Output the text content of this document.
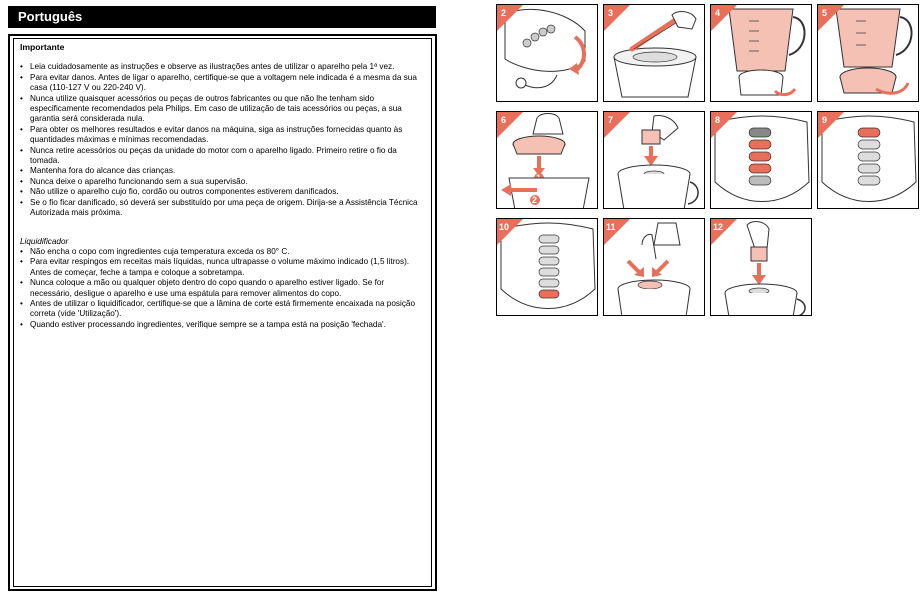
Português
Importante
• Leia cuidadosamente as instruções e observe as ilustrações antes de utilizar o aparelho pela 1ª vez.
• Para evitar danos. Antes de ligar o aparelho, certifique-se que a voltagem nele indicada é a mesma da sua casa (110-127 V ou 220-240 V).
• Nunca utilize quaisquer acessórios ou peças de outros fabricantes ou que não lhe tenham sido especificamente recomendados pela Philips. Em caso de utilização de tais acessórios ou peças, a sua garantia será considerada nula.
• Para obter os melhores resultados e evitar danos na máquina, siga as instruções fornecidas quanto às quantidades máximas e mínimas recomendadas.
• Nunca retire acessórios ou peças da unidade do motor com o aparelho ligado. Primeiro retire o fio da tomada.
• Mantenha fora do alcance das crianças.
• Nunca deixe o aparelho funcionando sem a sua supervisão.
• Não utilize o aparelho cujo fio, cordão ou outros componentes estiverem danificados.
• Se o fio ficar danificado, só deverá ser substituído por uma peça de origem. Dirija-se a Assistência Técnica Autorizada mais próxima.
Liquidificador
• Não encha o copo com ingredientes cuja temperatura exceda os 80° C.
• Para evitar respingos em receitas mais líquidas, nunca ultrapasse o volume máximo indicado (1,5 litros). Antes de começar, feche a tampa e coloque a sobretampa.
• Nunca coloque a mão ou qualquer objeto dentro do copo quando o aparelho estiver ligado. Se for necessário, desligue o aparelho e use uma espátula para remover alimentos do copo.
• Antes de utilizar o liquidificador, certifique-se que a lâmina de corte está firmemente encaixada na posição correta (vide 'Utilização').
• Quando estiver processando ingredientes, verifique sempre se a tampa está na posição 'fechada'.
2	3	4	5
2
6	7	8	9
10	11	12
